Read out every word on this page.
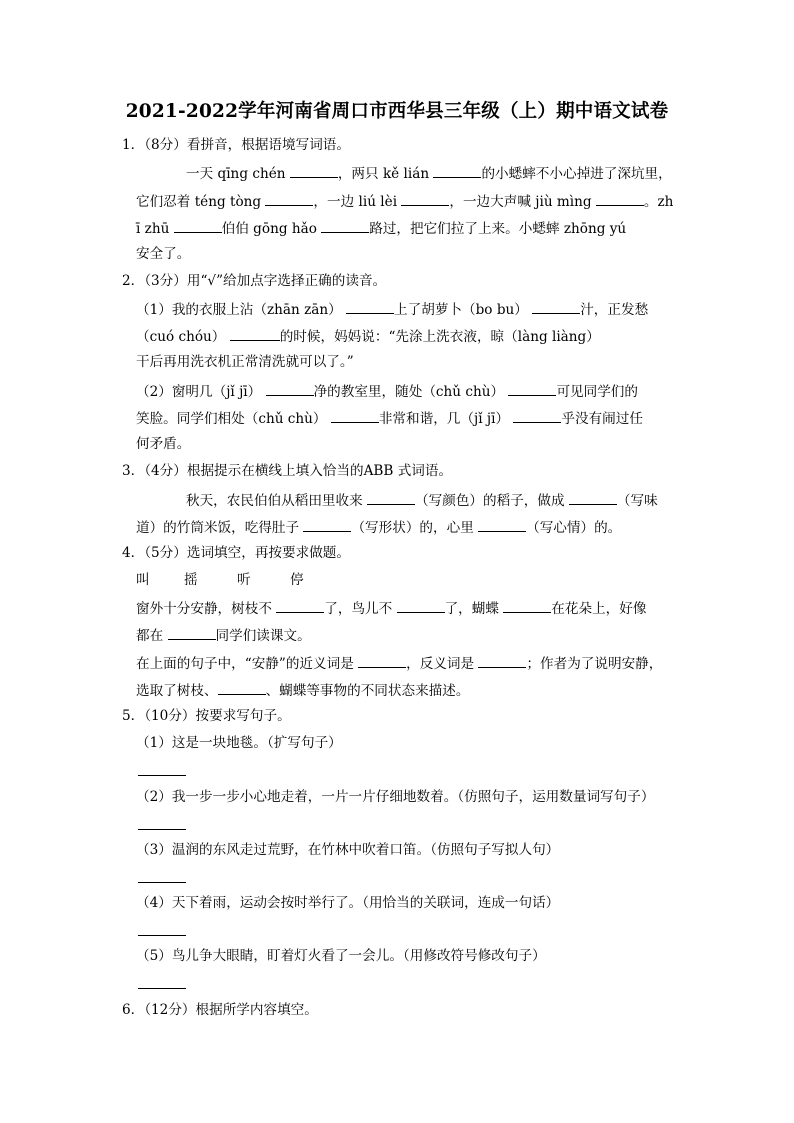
2021-2022学年河南省周口市西华县三年级（上）期中语文试卷
1．（8分）看拼音，根据语境写词语。
一天 qīng chén	，两只 kě lián	的小蟋蟀不小心掉进了深坑里，
它们忍着 téng tòng	，一边 liú lèi	，一边大声喊 jiù mìng	。zh
ī zhū	伯伯 gōng hǎo	路过，把它们拉了上来。小蟋蟀 zhōng yú
安全了。
2．（3分）用“√”给加点字选择正确的读音。
（1）我的衣服上沾（zhān zān）	上了胡萝卜（bo bu）	汁，正发愁
（cuó chóu）	的时候，妈妈说：“先涂上洗衣液，晾（làng liàng）
干后再用洗衣机正常清洗就可以了。”
（2）窗明几（jǐ jī）	净的教室里，随处（chǔ chù）	可见同学们的
笑脸。同学们相处（chǔ chù）	非常和谐，几（jǐ jī）	乎没有闹过任
何矛盾。
3．（4分）根据提示在横线上填入恰当的ABB 式词语。
秋天，农民伯伯从稻田里收来	（写颜色）的稻子，做成	（写味
道）的竹筒米饭，吃得肚子	（写形状）的，心里	（写心情）的。
4．（5分）选词填空，再按要求做题。
叫	摇	听	停
窗外十分安静，树枝不	了，鸟儿不	了，蝴蝶	在花朵上，好像
都在	同学们读课文。
在上面的句子中，“安静”的近义词是	，反义词是	；作者为了说明安静，
选取了树枝、	、蝴蝶等事物的不同状态来描述。
5．（10分）按要求写句子。
（1）这是一块地毯。（扩写句子）
（2）我一步一步小心地走着，一片一片仔细地数着。（仿照句子，运用数量词写句子）
（3）温润的东风走过荒野，在竹林中吹着口笛。（仿照句子写拟人句）
（4）天下着雨，运动会按时举行了。（用恰当的关联词，连成一句话）
（5）鸟儿争大眼睛，盯着灯火看了一会儿。（用修改符号修改句子）
6．（12分）根据所学内容填空。
